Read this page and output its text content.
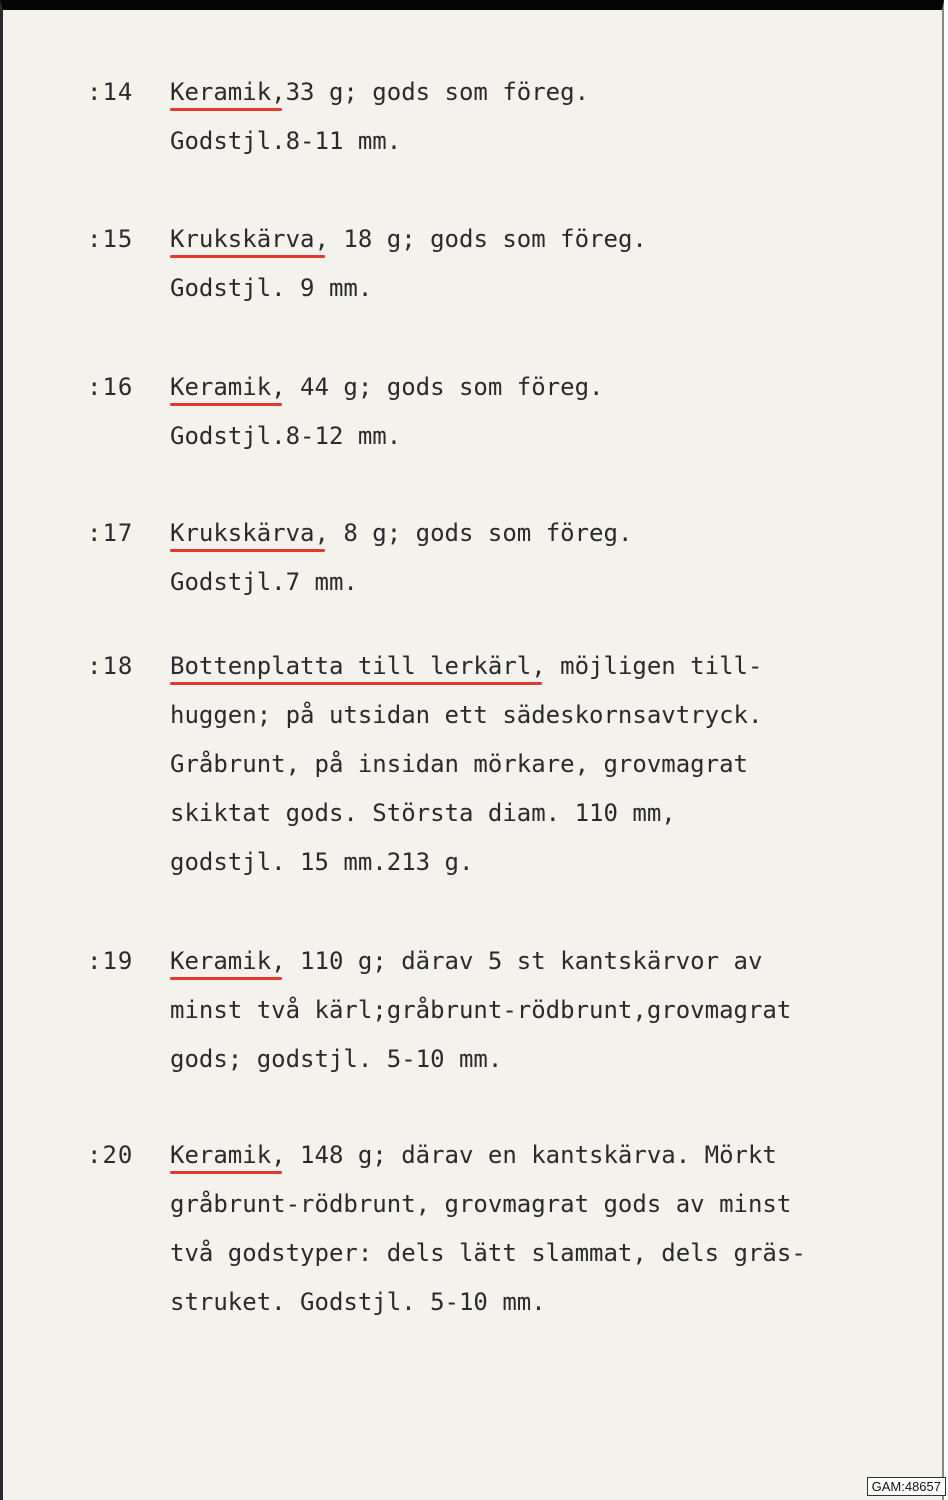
:14 Keramik,33 g; gods som föreg.
Godstjl.8-11 mm.
:15 Krukskärva, 18 g; gods som föreg.
Godstjl. 9 mm.
:16 Keramik, 44 g; gods som föreg.
Godstjl.8-12 mm.
:17 Krukskärva, 8 g; gods som föreg.
Godstjl.7 mm.
:18 Bottenplatta till lerkärl, möjligen till-
huggen; på utsidan ett sädeskornsavtryck.
Gråbrunt, på insidan mörkare, grovmagrat
skiktat gods. Största diam. 110 mm,
godstjl. 15 mm.213 g.
:19 Keramik, 110 g; därav 5 st kantskärvor av
minst två kärl;gråbrunt-rödbrunt,grovmagrat
gods; godstjl. 5-10 mm.
:20 Keramik, 148 g; därav en kantskärva. Mörkt
gråbrunt-rödbrunt, grovmagrat gods av minst
två godstyper: dels lätt slammat, dels gräs-
struket. Godstjl. 5-10 mm.
GAM:48657
